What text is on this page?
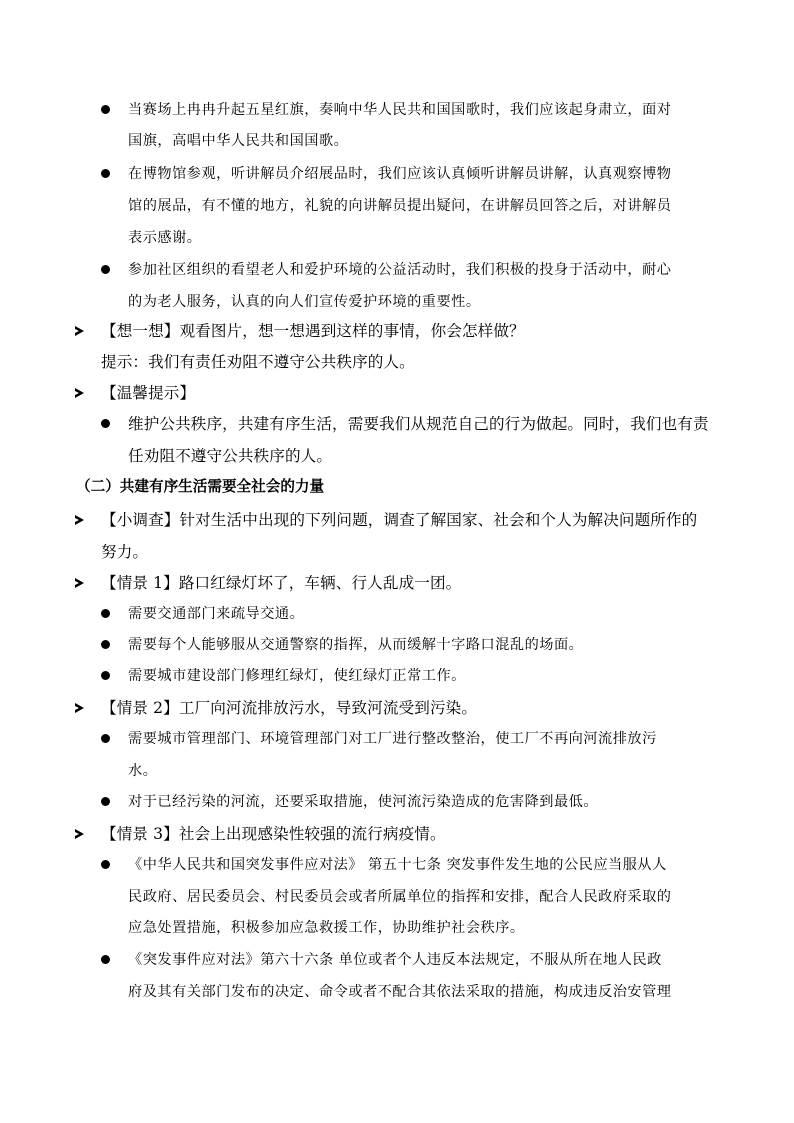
当赛场上冉冉升起五星红旗，奏响中华人民共和国国歌时，我们应该起身肃立，面对
国旗，高唱中华人民共和国国歌。
在博物馆参观，听讲解员介绍展品时，我们应该认真倾听讲解员讲解，认真观察博物
馆的展品，有不懂的地方，礼貌的向讲解员提出疑问，在讲解员回答之后，对讲解员
表示感谢。
参加社区组织的看望老人和爱护环境的公益活动时，我们积极的投身于活动中，耐心
的为老人服务，认真的向人们宣传爱护环境的重要性。
【想一想】观看图片，想一想遇到这样的事情，你会怎样做？
提示：我们有责任劝阻不遵守公共秩序的人。
【温馨提示】
维护公共秩序，共建有序生活，需要我们从规范自己的行为做起。同时，我们也有责
任劝阻不遵守公共秩序的人。
（二）共建有序生活需要全社会的力量
【小调查】针对生活中出现的下列问题，调查了解国家、社会和个人为解决问题所作的
努力。
【情景 1】路口红绿灯坏了，车辆、行人乱成一团。
需要交通部门来疏导交通。
需要每个人能够服从交通警察的指挥，从而缓解十字路口混乱的场面。
需要城市建设部门修理红绿灯，使红绿灯正常工作。
【情景 2】工厂向河流排放污水，导致河流受到污染。
需要城市管理部门、环境管理部门对工厂进行整改整治，使工厂不再向河流排放污
水。
对于已经污染的河流，还要采取措施，使河流污染造成的危害降到最低。
【情景 3】社会上出现感染性较强的流行病疫情。
《中华人民共和国突发事件应对法》 第五十七条 突发事件发生地的公民应当服从人
民政府、居民委员会、村民委员会或者所属单位的指挥和安排，配合人民政府采取的
应急处置措施，积极参加应急救援工作，协助维护社会秩序。
《突发事件应对法》第六十六条 单位或者个人违反本法规定，不服从所在地人民政
府及其有关部门发布的决定、命令或者不配合其依法采取的措施，构成违反治安管理
